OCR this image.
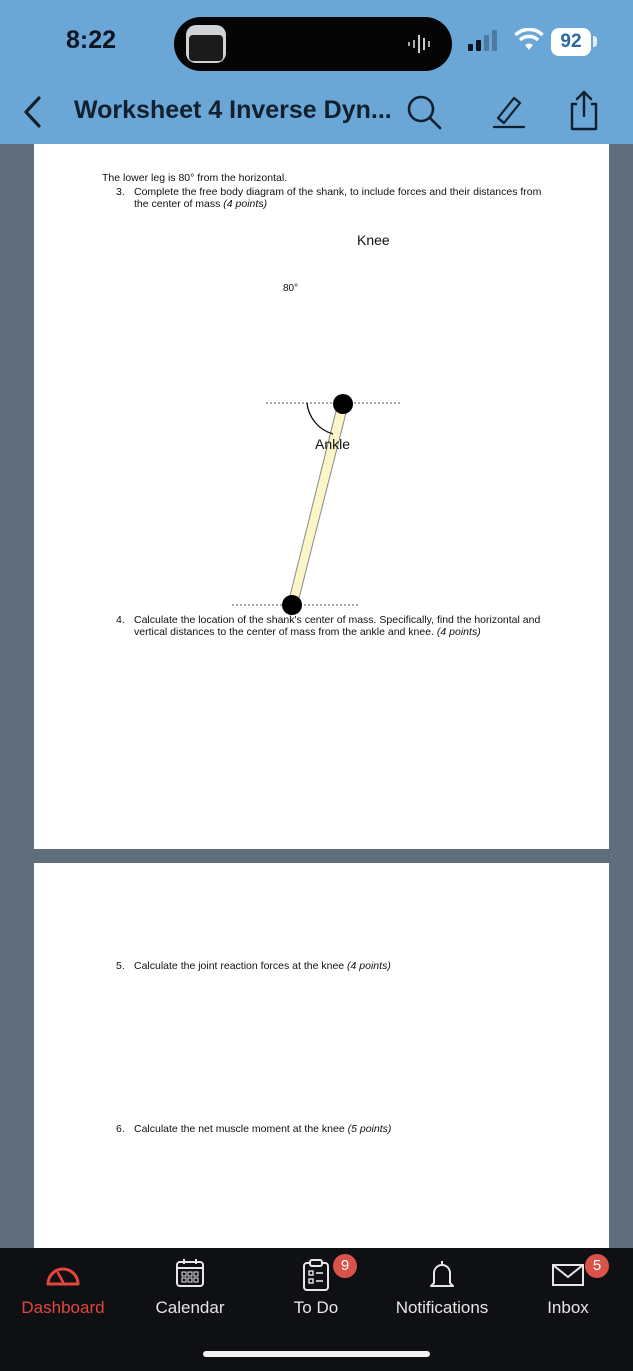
8:22	92
Worksheet 4 Inverse Dyn...
The lower leg is 80° from the horizontal.
3. Complete the free body diagram of the shank, to include forces and their distances from the center of mass (4 points)
Knee
Ankle
80°
4. Calculate the location of the shank's center of mass. Specifically, find the horizontal and vertical distances to the center of mass from the ankle and knee. (4 points)
5. Calculate the joint reaction forces at the knee (4 points)
6. Calculate the net muscle moment at the knee (5 points)
Dashboard	Calendar	To Do
9
Notifications	Inbox
5
